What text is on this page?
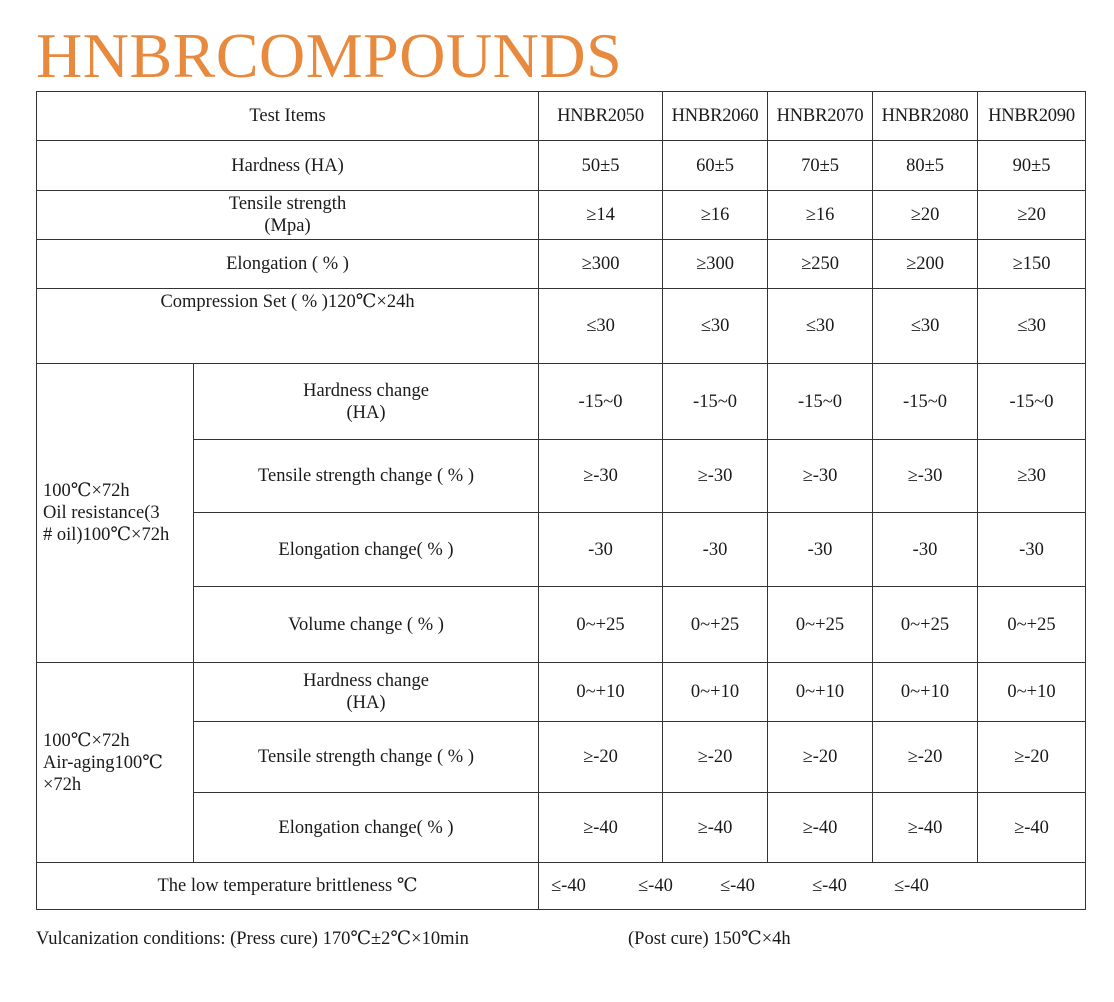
HNBRCOMPOUNDS
Test Items		HNBR2050	HNBR2060	HNBR2070	HNBR2080	HNBR2090
Hardness (HA)		50±5	60±5	70±5	80±5	90±5
Tensile strength
(Mpa)		≥14	≥16	≥16	≥20	≥20
Elongation ( % )		≥300	≥300	≥250	≥200	≥150
Compression Set ( % )120℃×24h		≤30	≤30	≤30	≤30	≤30
100℃×72h
Oil resistance(3
# oil)100℃×72h	Hardness change
(HA)	-15~0	-15~0	-15~0	-15~0	-15~0
	Tensile strength change ( % )	≥-30	≥-30	≥-30	≥-30	≥30
	Elongation change( % )	-30	-30	-30	-30	-30
	Volume change ( % )	0~+25	0~+25	0~+25	0~+25	0~+25
100℃×72h
Air-aging100℃
×72h	Hardness change
(HA)	0~+10	0~+10	0~+10	0~+10	0~+10
	Tensile strength change ( % )	≥-20	≥-20	≥-20	≥-20	≥-20
	Elongation change( % )	≥-40	≥-40	≥-40	≥-40	≥-40
The low temperature brittleness ℃		≤-40 ≤-40 ≤-40 ≤-40 ≤-40				
Vulcanization conditions: (Press cure) 170℃±2℃×10min	(Post cure) 150℃×4h
